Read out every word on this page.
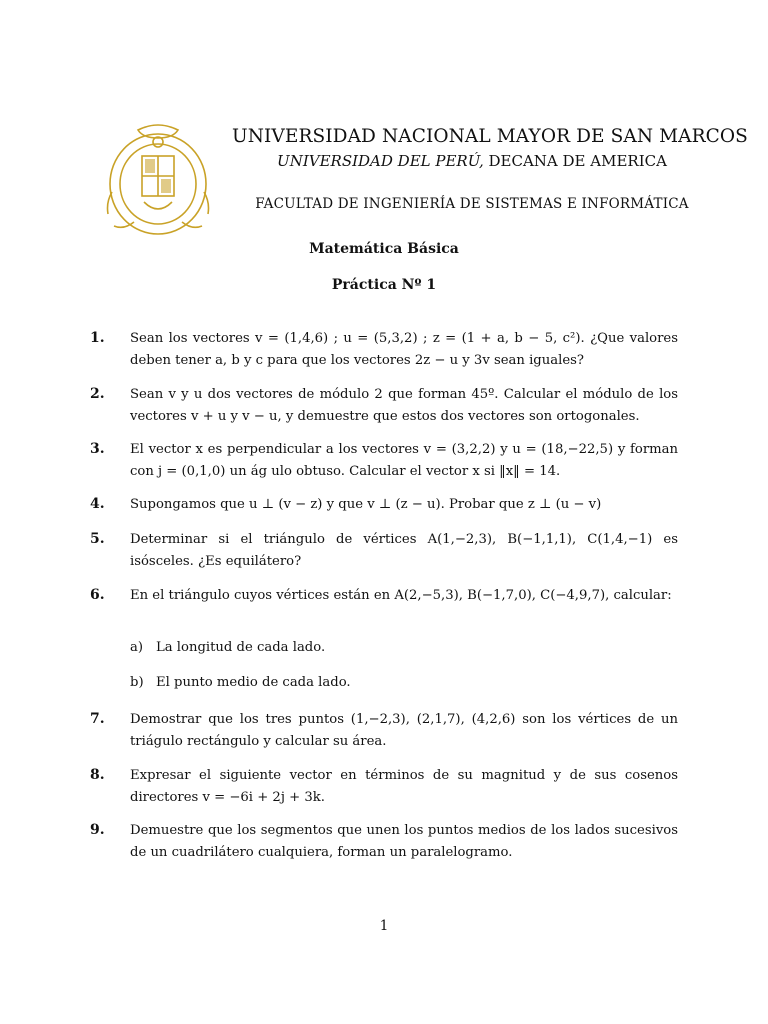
UNIVERSIDAD NACIONAL MAYOR DE SAN MARCOS
UNIVERSIDAD DEL PERÚ, DECANA DE AMERICA
FACULTAD DE INGENIERÍA DE SISTEMAS E INFORMÁTICA
Matemática Básica
Práctica Nº 1
1. Sean los vectores v = (1,4,6) ; u = (5,3,2) ; z = (1 + a, b − 5, c²). ¿Que valores deben tener a, b y c para que los vectores 2z − u y 3v sean iguales?
2. Sean v y u dos vectores de módulo 2 que forman 45º. Calcular el módulo de los vectores v + u y v − u, y demuestre que estos dos vectores son ortogonales.
3. El vector x es perpendicular a los vectores v = (3,2,2) y u = (18,−22,5) y forman con j = (0,1,0) un ág ulo obtuso. Calcular el vector x si ‖x‖ = 14.
4. Supongamos que u ⊥ (v − z) y que v ⊥ (z − u). Probar que z ⊥ (u − v)
5. Determinar si el triángulo de vértices A(1,−2,3), B(−1,1,1), C(1,4,−1) es isósceles. ¿Es equilátero?
6. En el triángulo cuyos vértices están en A(2,−5,3), B(−1,7,0), C(−4,9,7), calcular:
a) La longitud de cada lado.
b) El punto medio de cada lado.
7. Demostrar que los tres puntos (1,−2,3), (2,1,7), (4,2,6) son los vértices de un triágulo rectángulo y calcular su área.
8. Expresar el siguiente vector en términos de su magnitud y de sus cosenos directores v = −6i + 2j + 3k.
9. Demuestre que los segmentos que unen los puntos medios de los lados sucesivos de un cuadrilátero cualquiera, forman un paralelogramo.
1
